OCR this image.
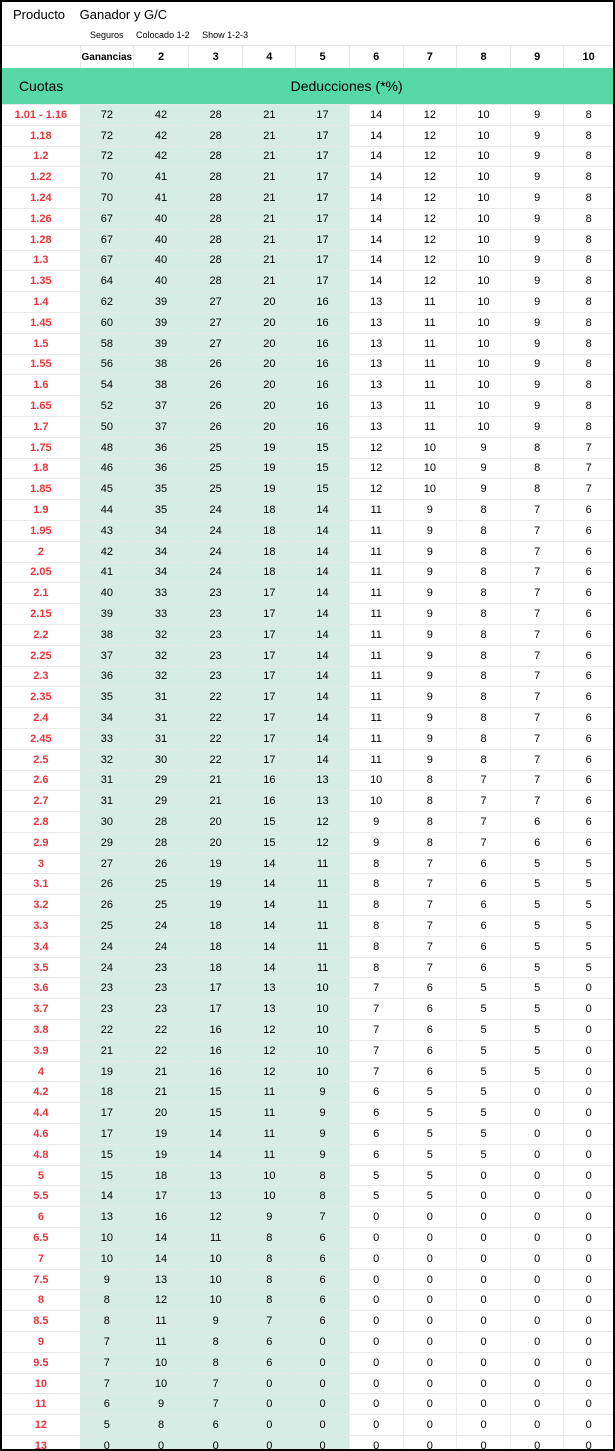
Producto Ganador y G/C
Seguros Colocado 1-2 Show 1-2-3
	Ganancias	2	3	4	5	6	7	8	9	10
Cuotas	Deducciones (*%)									
1.01 - 1.16	72	42	28	21	17	14	12	10	9	8
1.18	72	42	28	21	17	14	12	10	9	8
1.2	72	42	28	21	17	14	12	10	9	8
1.22	70	41	28	21	17	14	12	10	9	8
1.24	70	41	28	21	17	14	12	10	9	8
1.26	67	40	28	21	17	14	12	10	9	8
1.28	67	40	28	21	17	14	12	10	9	8
1.3	67	40	28	21	17	14	12	10	9	8
1.35	64	40	28	21	17	14	12	10	9	8
1.4	62	39	27	20	16	13	11	10	9	8
1.45	60	39	27	20	16	13	11	10	9	8
1.5	58	39	27	20	16	13	11	10	9	8
1.55	56	38	26	20	16	13	11	10	9	8
1.6	54	38	26	20	16	13	11	10	9	8
1.65	52	37	26	20	16	13	11	10	9	8
1.7	50	37	26	20	16	13	11	10	9	8
1.75	48	36	25	19	15	12	10	9	8	7
1.8	46	36	25	19	15	12	10	9	8	7
1.85	45	35	25	19	15	12	10	9	8	7
1.9	44	35	24	18	14	11	9	8	7	6
1.95	43	34	24	18	14	11	9	8	7	6
2	42	34	24	18	14	11	9	8	7	6
2.05	41	34	24	18	14	11	9	8	7	6
2.1	40	33	23	17	14	11	9	8	7	6
2.15	39	33	23	17	14	11	9	8	7	6
2.2	38	32	23	17	14	11	9	8	7	6
2.25	37	32	23	17	14	11	9	8	7	6
2.3	36	32	23	17	14	11	9	8	7	6
2.35	35	31	22	17	14	11	9	8	7	6
2.4	34	31	22	17	14	11	9	8	7	6
2.45	33	31	22	17	14	11	9	8	7	6
2.5	32	30	22	17	14	11	9	8	7	6
2.6	31	29	21	16	13	10	8	7	7	6
2.7	31	29	21	16	13	10	8	7	7	6
2.8	30	28	20	15	12	9	8	7	6	6
2.9	29	28	20	15	12	9	8	7	6	6
3	27	26	19	14	11	8	7	6	5	5
3.1	26	25	19	14	11	8	7	6	5	5
3.2	26	25	19	14	11	8	7	6	5	5
3.3	25	24	18	14	11	8	7	6	5	5
3.4	24	24	18	14	11	8	7	6	5	5
3.5	24	23	18	14	11	8	7	6	5	5
3.6	23	23	17	13	10	7	6	5	5	0
3.7	23	23	17	13	10	7	6	5	5	0
3.8	22	22	16	12	10	7	6	5	5	0
3.9	21	22	16	12	10	7	6	5	5	0
4	19	21	16	12	10	7	6	5	5	0
4.2	18	21	15	11	9	6	5	5	0	0
4.4	17	20	15	11	9	6	5	5	0	0
4.6	17	19	14	11	9	6	5	5	0	0
4.8	15	19	14	11	9	6	5	5	0	0
5	15	18	13	10	8	5	5	0	0	0
5.5	14	17	13	10	8	5	5	0	0	0
6	13	16	12	9	7	0	0	0	0	0
6.5	10	14	11	8	6	0	0	0	0	0
7	10	14	10	8	6	0	0	0	0	0
7.5	9	13	10	8	6	0	0	0	0	0
8	8	12	10	8	6	0	0	0	0	0
8.5	8	11	9	7	6	0	0	0	0	0
9	7	11	8	6	0	0	0	0	0	0
9.5	7	10	8	6	0	0	0	0	0	0
10	7	10	7	0	0	0	0	0	0	0
11	6	9	7	0	0	0	0	0	0	0
12	5	8	6	0	0	0	0	0	0	0
13	0	0	0	0	0	0	0	0	0	0
